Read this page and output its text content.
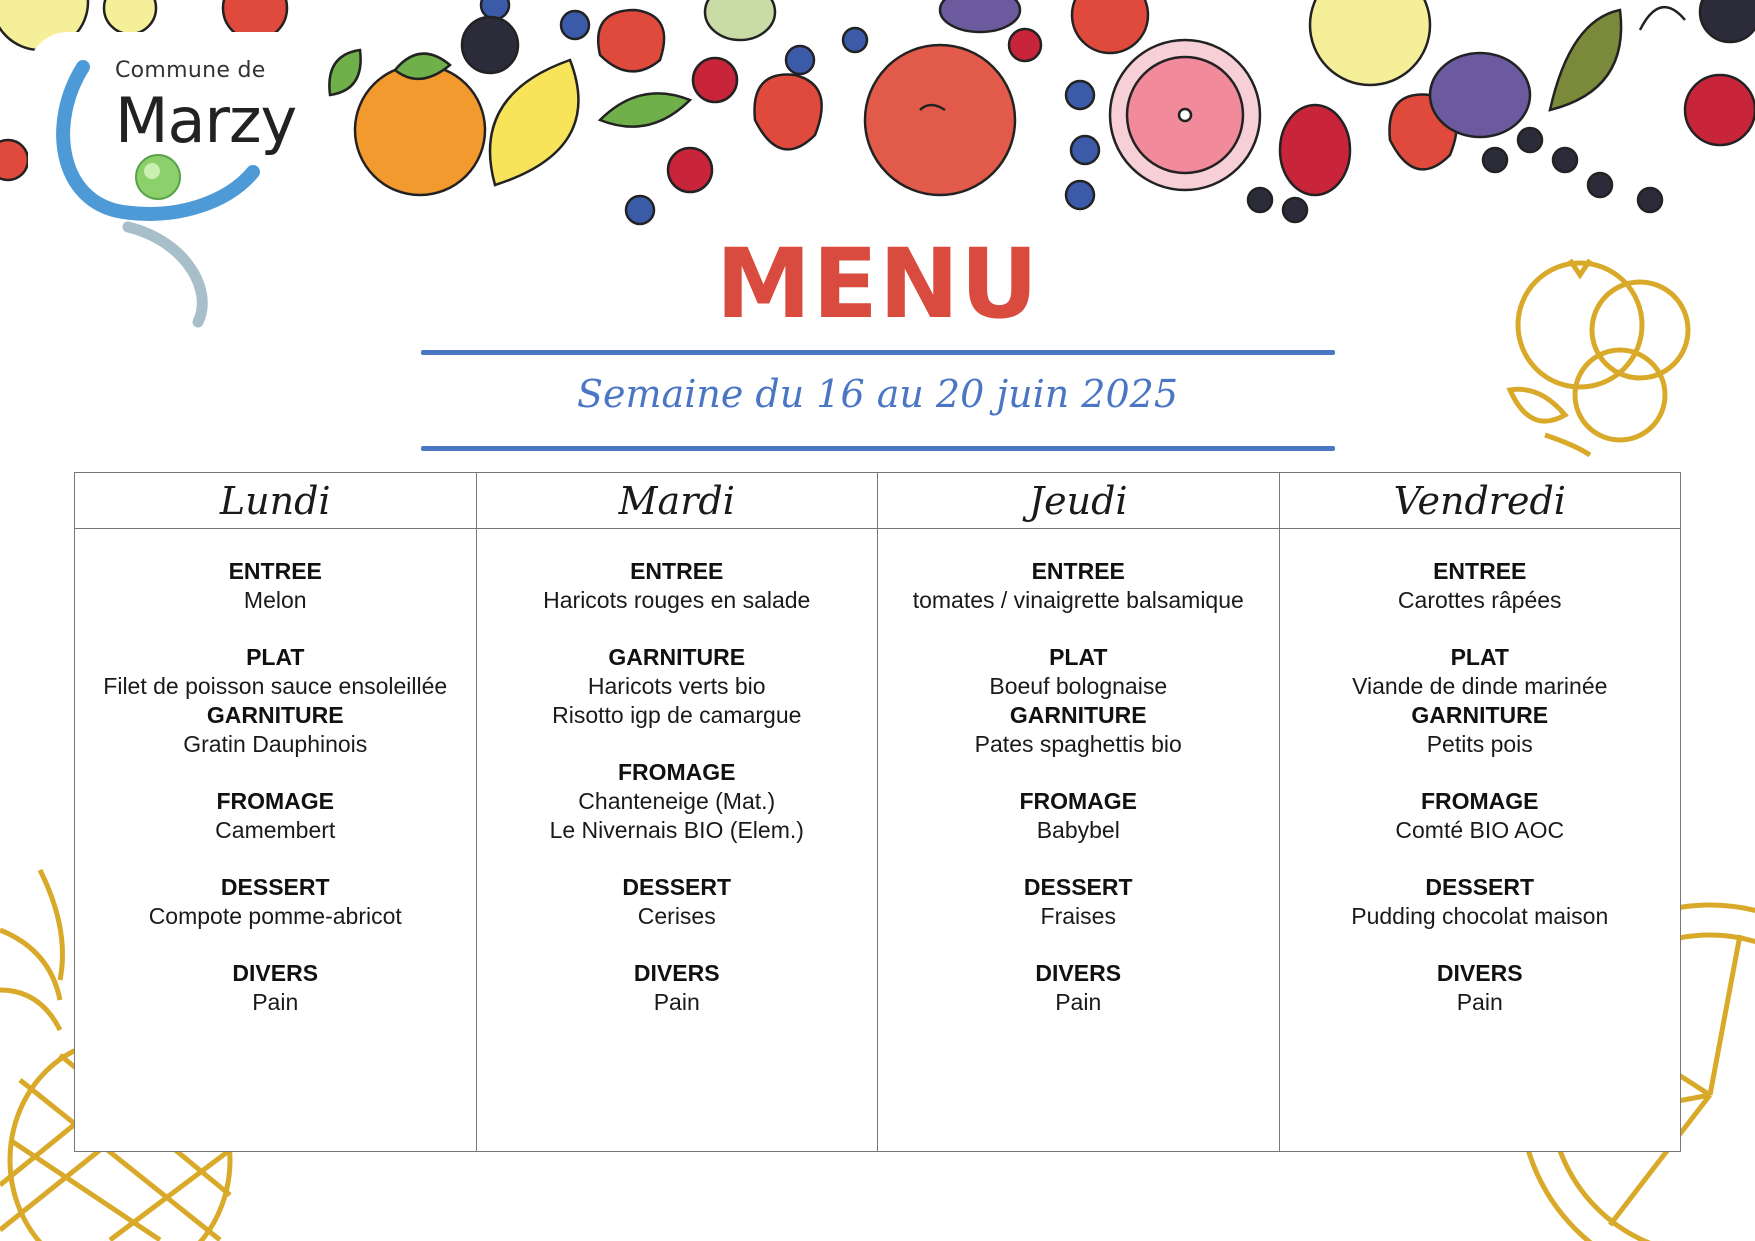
Commune de
Marzy
MENU
Semaine du 16 au 20 juin 2025
Lundi
ENTREE
Melon
PLAT
Filet de poisson sauce ensoleillée
GARNITURE
Gratin Dauphinois
FROMAGE
Camembert
DESSERT
Compote pomme-abricot
DIVERS
Pain
Mardi
ENTREE
Haricots rouges en salade
GARNITURE
Haricots verts bio
Risotto igp de camargue
FROMAGE
Chanteneige (Mat.)
Le Nivernais BIO (Elem.)
DESSERT
Cerises
DIVERS
Pain
Jeudi
ENTREE
tomates / vinaigrette balsamique
PLAT
Boeuf bolognaise
GARNITURE
Pates spaghettis bio
FROMAGE
Babybel
DESSERT
Fraises
DIVERS
Pain
Vendredi
ENTREE
Carottes râpées
PLAT
Viande de dinde marinée
GARNITURE
Petits pois
FROMAGE
Comté BIO AOC
DESSERT
Pudding chocolat maison
DIVERS
Pain
